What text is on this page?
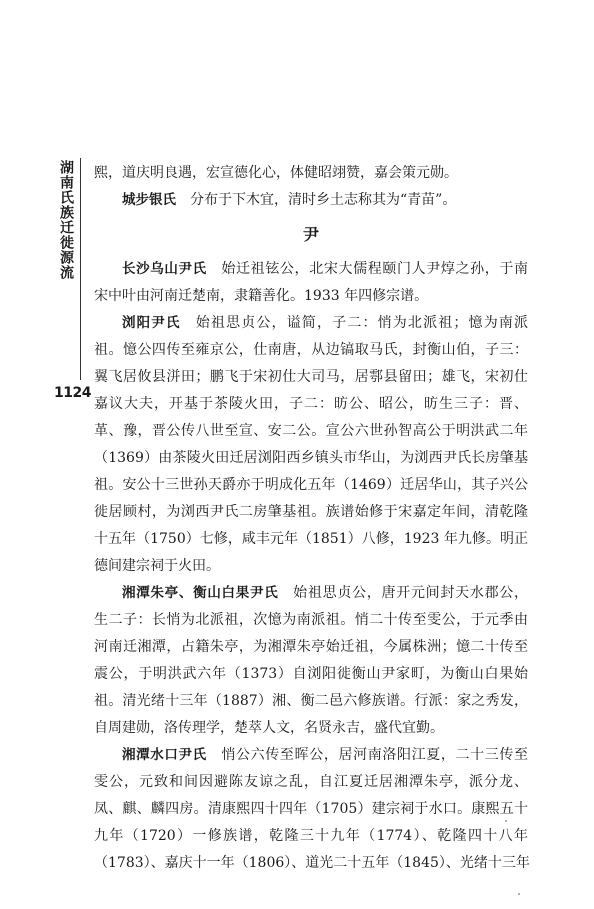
湖南氏族迁徙源流
1124

熙，道庆明良遇，宏宣德化心，体健昭翊赞，嘉会策元勋。

城步银氏　分布于下木宜，清时乡土志称其为“青苗”。

尹

长沙乌山尹氏　始迁祖铉公，北宋大儒程颐门人尹焞之孙，于南

宋中叶由河南迁楚南，隶籍善化。1933 年四修宗谱。

浏阳尹氏　始祖思贞公，谥简，子二：悄为北派祖；憶为南派

祖。憶公四传至雍京公，仕南唐，从边镐取马氏，封衡山伯，子三：

翼飞居攸县洴田；鹏飞于宋初仕大司马，居鄠县留田；雄飞，宋初仕

嘉议大夫，开基于茶陵火田，子二：昉公、昭公，昉生三子：晋、

革、豫，晋公传八世至宣、安二公。宣公六世孙智高公于明洪武二年

（1369）由茶陵火田迁居浏阳西乡镇头市华山，为浏西尹氏长房肇基

祖。安公十三世孙天爵亦于明成化五年（1469）迁居华山，其子兴公

徙居顾村，为浏西尹氏二房肇基祖。族谱始修于宋嘉定年间，清乾隆

十五年（1750）七修，咸丰元年（1851）八修，1923 年九修。明正

德间建宗祠于火田。

湘潭朱亭、衡山白果尹氏　始祖思贞公，唐开元间封天水郡公，

生二子：长悄为北派祖，次憶为南派祖。悄二十传至雯公，于元季由

河南迁湘潭，占籍朱亭，为湘潭朱亭始迁祖，今属株洲；憶二十传至

震公，于明洪武六年（1373）自浏阳徙衡山尹家町，为衡山白果始

祖。清光绪十三年（1887）湘、衡二邑六修族谱。行派：家之秀发，

自周建勋，洛传理学，楚萃人文，名贤永吉，盛代宜勤。

湘潭水口尹氏　悄公六传至晖公，居河南洛阳江夏，二十三传至

雯公，元致和间因避陈友谅之乱，自江夏迁居湘潭朱亭，派分龙、

凤、麒、麟四房。清康熙四十四年（1705）建宗祠于水口。康熙五十

九年（1720）一修族谱，乾隆三十九年（1774）、乾隆四十八年

（1783）、嘉庆十一年（1806）、道光二十五年（1845）、光绪十三年
